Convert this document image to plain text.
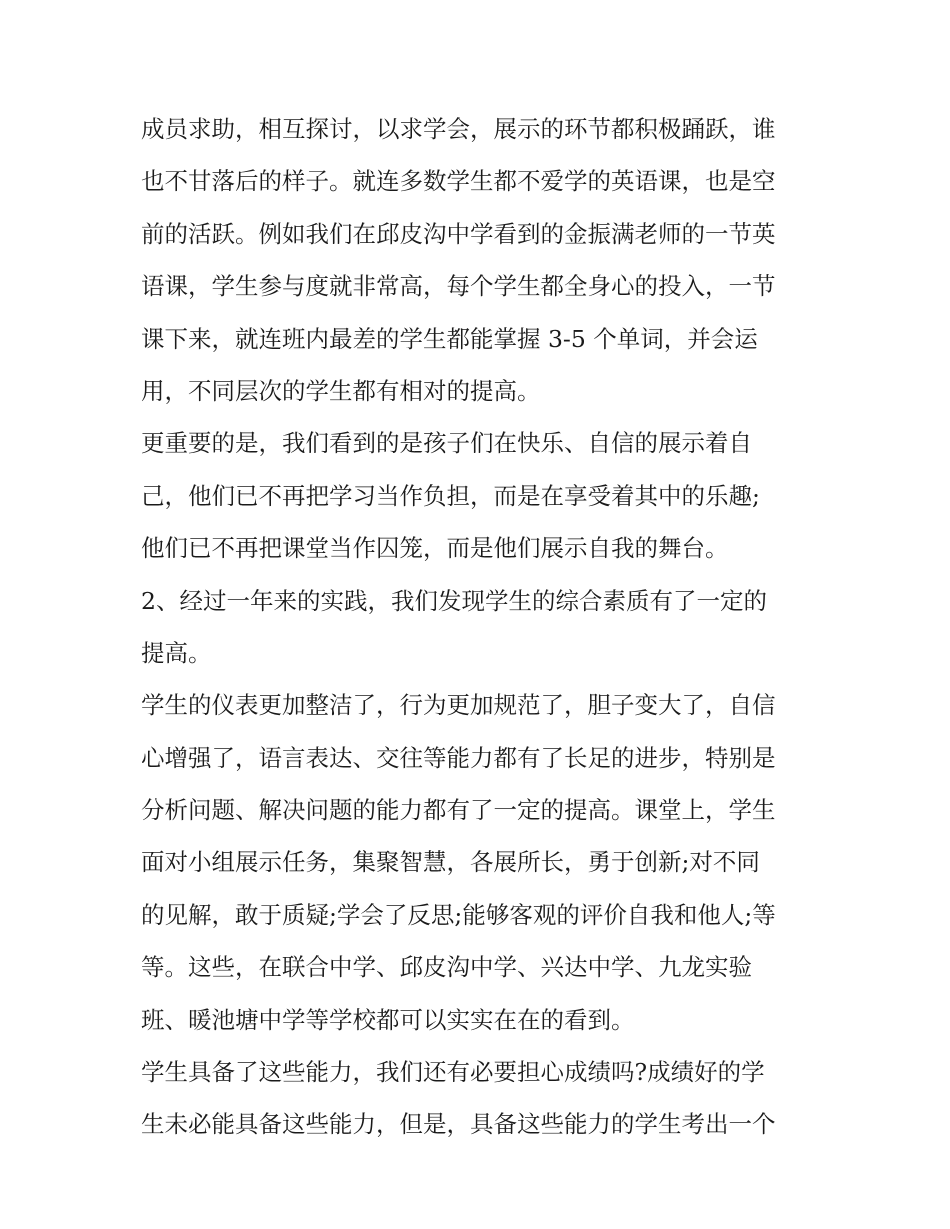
成员求助，相互探讨，以求学会，展示的环节都积极踊跃，谁
也不甘落后的样子。就连多数学生都不爱学的英语课，也是空
前的活跃。例如我们在邱皮沟中学看到的金振满老师的一节英
语课，学生参与度就非常高，每个学生都全身心的投入，一节
课下来，就连班内最差的学生都能掌握 3-5 个单词，并会运
用，不同层次的学生都有相对的提高。
更重要的是，我们看到的是孩子们在快乐、自信的展示着自
己，他们已不再把学习当作负担，而是在享受着其中的乐趣;
他们已不再把课堂当作囚笼，而是他们展示自我的舞台。
2、经过一年来的实践，我们发现学生的综合素质有了一定的
提高。
学生的仪表更加整洁了，行为更加规范了，胆子变大了，自信
心增强了，语言表达、交往等能力都有了长足的进步，特别是
分析问题、解决问题的能力都有了一定的提高。课堂上，学生
面对小组展示任务，集聚智慧，各展所长，勇于创新;对不同
的见解，敢于质疑;学会了反思;能够客观的评价自我和他人;等
等。这些，在联合中学、邱皮沟中学、兴达中学、九龙实验
班、暖池塘中学等学校都可以实实在在的看到。
学生具备了这些能力，我们还有必要担心成绩吗?成绩好的学
生未必能具备这些能力，但是，具备这些能力的学生考出一个
